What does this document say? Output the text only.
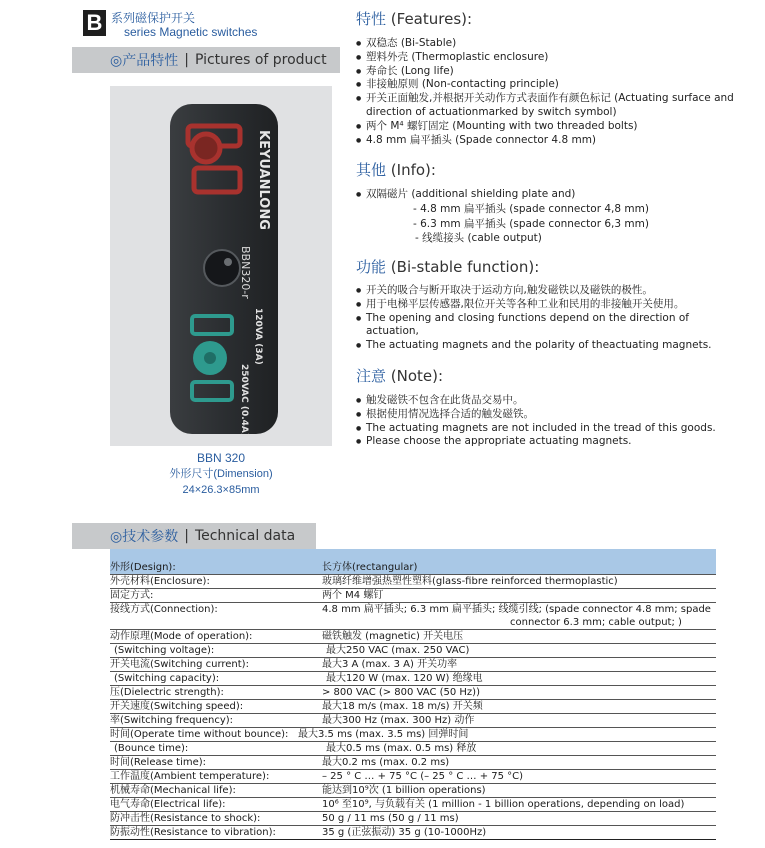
B 系列磁保护开关
series Magnetic switches
◎产品特性 | Pictures of product
KEYUANLONG
BBN320-r
120VA (3A)
250VAC (0.4A)
BBN 320
外形尺寸(Dimension)
24×26.3×85mm
特性 (Features):
● 双稳态 (Bi-Stable)
● 塑料外壳 (Thermoplastic enclosure)
● 寿命长 (Long life)
● 非接触原则 (Non-contacting principle)
● 开关正面触发,并根据开关动作方式表面作有颜色标记 (Actuating surface and direction of actuationmarked by switch symbol)
● 两个 M⁴ 螺钉固定 (Mounting with two threaded bolts)
● 4.8 mm 扁平插头 (Spade connector 4.8 mm)
其他 (Info):
● 双隔磁片 (additional shielding plate and)
- 4.8 mm 扁平插头 (spade connector 4,8 mm)
- 6.3 mm 扁平插头 (spade connector 6,3 mm)
- 线缆接头 (cable output)
功能 (Bi-stable function):
● 开关的吸合与断开取决于运动方向,触发磁铁以及磁铁的极性。
● 用于电梯平层传感器,限位开关等各种工业和民用的非接触开关使用。
● The opening and closing functions depend on the direction of actuation,
● The actuating magnets and the polarity of theactuating magnets.
注意 (Note):
● 触发磁铁不包含在此货品交易中。
● 根据使用情况选择合适的触发磁铁。
● The actuating magnets are not included in the tread of this goods.
● Please choose the appropriate actuating magnets.
◎技术参数 | Technical data
外形(Design):	长方体(rectangular)
外壳材料(Enclosure):	玻璃纤维增强热塑性塑料(glass-fibre reinforced thermoplastic)
固定方式:	两个 M4 螺钉
接线方式(Connection):	4.8 mm 扁平插头; 6.3 mm 扁平插头; 线缆引线; (spade connector 4.8 mm; spade
connector 6.3 mm; cable output; )
动作原理(Mode of operation):	磁铁触发 (magnetic) 开关电压
(Switching voltage):	最大250 VAC (max. 250 VAC)
开关电流(Switching current):	最大3 A (max. 3 A) 开关功率
(Switching capacity):	最大120 W (max. 120 W) 绝缘电
压(Dielectric strength):	> 800 VAC (> 800 VAC (50 Hz))
开关速度(Switching speed):	最大18 m/s (max. 18 m/s) 开关频
率(Switching frequency):	最大300 Hz (max. 300 Hz) 动作
时间(Operate time without bounce): 最大3.5 ms (max. 3.5 ms) 回弹时间
(Bounce time):	最大0.5 ms (max. 0.5 ms) 释放
时间(Release time):	最大0.2 ms (max. 0.2 ms)
工作温度(Ambient temperature):	– 25 ° C … + 75 °C (– 25 ° C … + 75 °C)
机械寿命(Mechanical life):	能达到10⁹次 (1 billion operations)
电气寿命(Electrical life):	10⁶ 至10⁹, 与负载有关 (1 million - 1 billion operations, depending on load)
防冲击性(Resistance to shock):	50 g / 11 ms (50 g / 11 ms)
防振动性(Resistance to vibration):	35 g (正弦振动) 35 g (10-1000Hz)
